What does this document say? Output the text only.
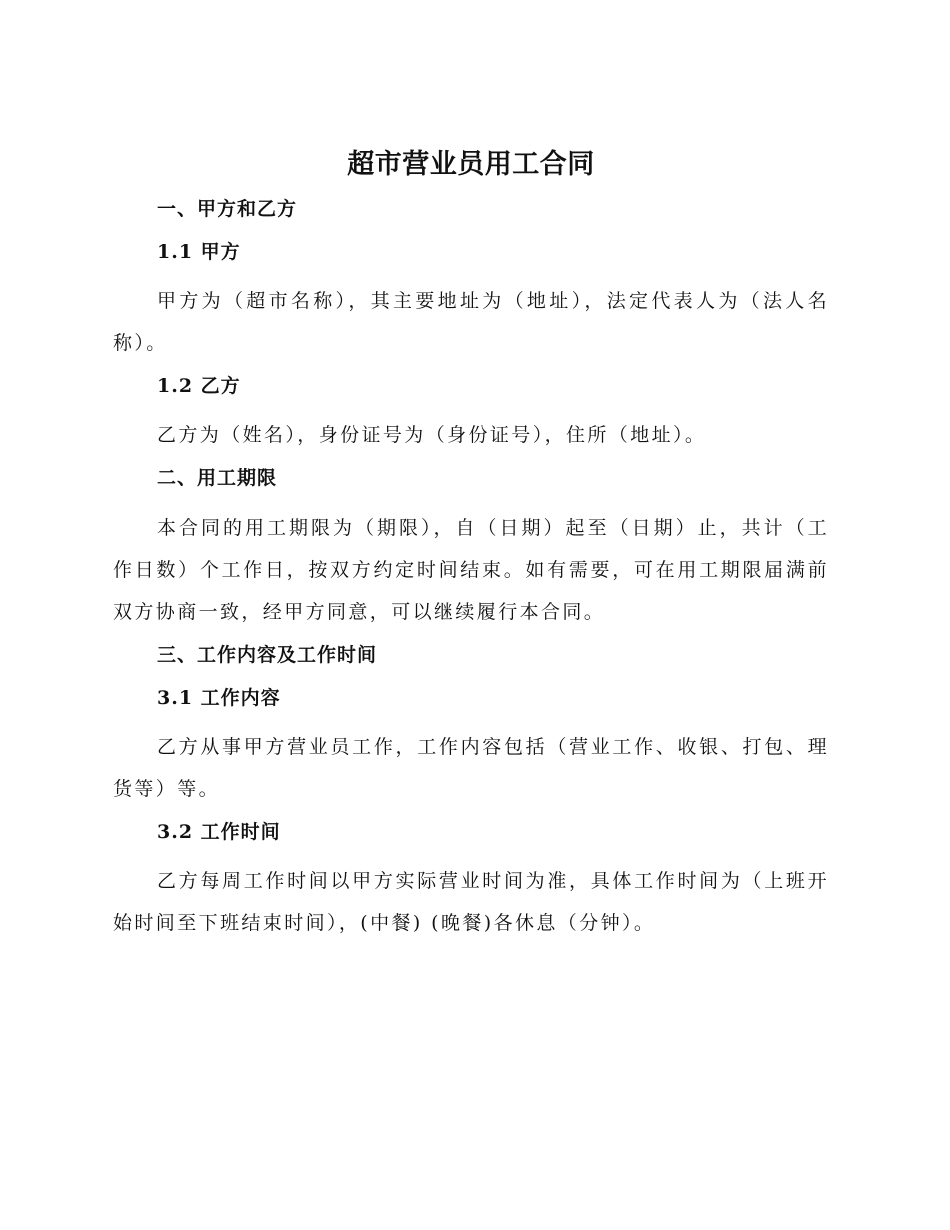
超市营业员用工合同
一、甲方和乙方
1.1 甲方

甲方为（超市名称），其主要地址为（地址），法定代表人为（法人名称）。

1.2 乙方

乙方为（姓名），身份证号为（身份证号），住所（地址）。

二、用工期限

本合同的用工期限为（期限），自（日期）起至（日期）止，共计（工作日数）个工作日，按双方约定时间结束。如有需要，可在用工期限届满前双方协商一致，经甲方同意，可以继续履行本合同。

三、工作内容及工作时间
3.1 工作内容

乙方从事甲方营业员工作，工作内容包括（营业工作、收银、打包、理货等）等。

3.2 工作时间

乙方每周工作时间以甲方实际营业时间为准，具体工作时间为（上班开始时间至下班结束时间），(中餐) (晚餐)各休息（分钟）。
